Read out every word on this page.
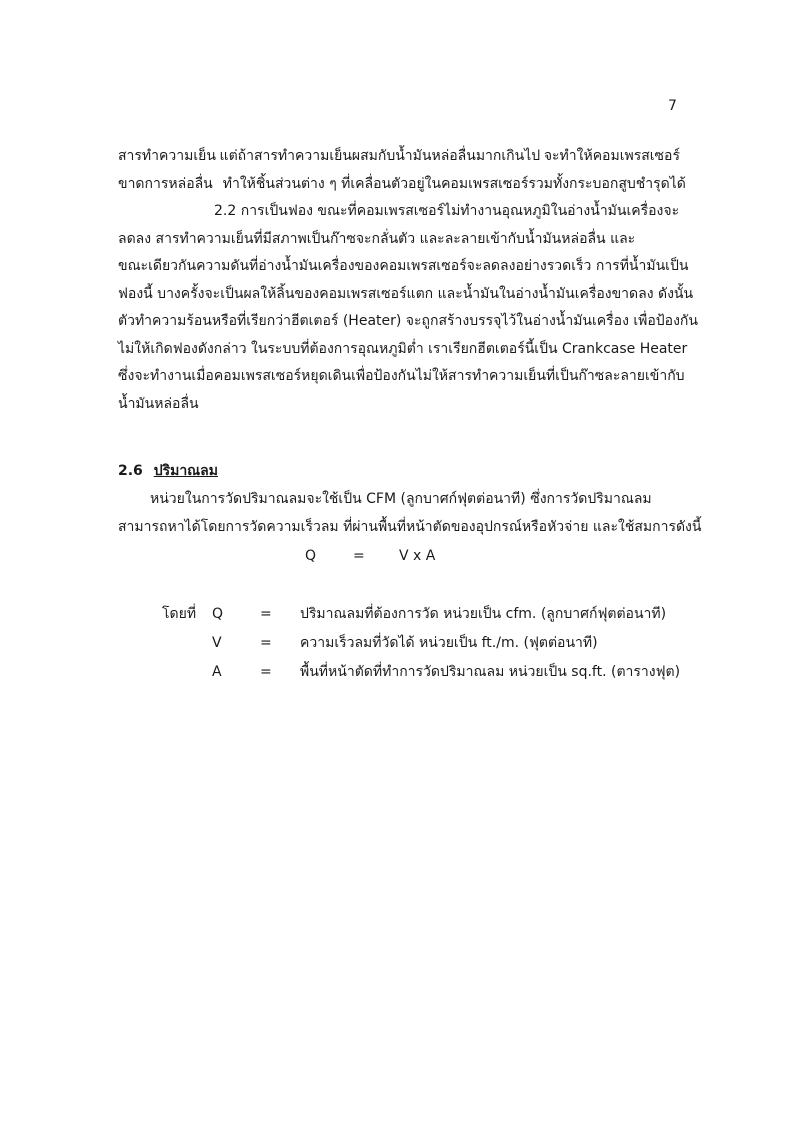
7
สารทำความเย็น แต่ถ้าสารทำความเย็นผสมกับน้ำมันหล่อลื่นมากเกินไป จะทำให้คอมเพรสเซอร์
ขาดการหล่อลื่น ทำให้ชิ้นส่วนต่าง ๆ ที่เคลื่อนตัวอยู่ในคอมเพรสเซอร์รวมทั้งกระบอกสูบชำรุดได้
2.2 การเป็นฟอง ขณะที่คอมเพรสเซอร์ไม่ทำงานอุณหภูมิในอ่างน้ำมันเครื่องจะ
ลดลง สารทำความเย็นที่มีสภาพเป็นก๊าซจะกลั่นตัว และละลายเข้ากับน้ำมันหล่อลื่น และ
ขณะเดียวกันความดันที่อ่างน้ำมันเครื่องของคอมเพรสเซอร์จะลดลงอย่างรวดเร็ว การที่น้ำมันเป็น
ฟองนี้ บางครั้งจะเป็นผลให้ลิ้นของคอมเพรสเซอร์แตก และน้ำมันในอ่างน้ำมันเครื่องขาดลง ดังนั้น
ตัวทำความร้อนหรือที่เรียกว่าฮีตเตอร์ (Heater) จะถูกสร้างบรรจุไว้ในอ่างน้ำมันเครื่อง เพื่อป้องกัน
ไม่ให้เกิดฟองดังกล่าว ในระบบที่ต้องการอุณหภูมิต่ำ เราเรียกฮีตเตอร์นี้เป็น Crankcase Heater
ซึ่งจะทำงานเมื่อคอมเพรสเซอร์หยุดเดินเพื่อป้องกันไม่ให้สารทำความเย็นที่เป็นก๊าซละลายเข้ากับ
น้ำมันหล่อลื่น
2.6 ปริมาณลม
หน่วยในการวัดปริมาณลมจะใช้เป็น CFM (ลูกบาศก์ฟุตต่อนาที) ซึ่งการวัดปริมาณลม
สามารถหาได้โดยการวัดความเร็วลม ที่ผ่านพื้นที่หน้าตัดของอุปกรณ์หรือหัวจ่าย และใช้สมการดังนี้
Q	=	V x A
โดยที่	Q	=	ปริมาณลมที่ต้องการวัด หน่วยเป็น cfm. (ลูกบาศก์ฟุตต่อนาที)
V	=	ความเร็วลมที่วัดได้ หน่วยเป็น ft./m. (ฟุตต่อนาที)
A	=	พื้นที่หน้าตัดที่ทำการวัดปริมาณลม หน่วยเป็น sq.ft. (ตารางฟุต)
